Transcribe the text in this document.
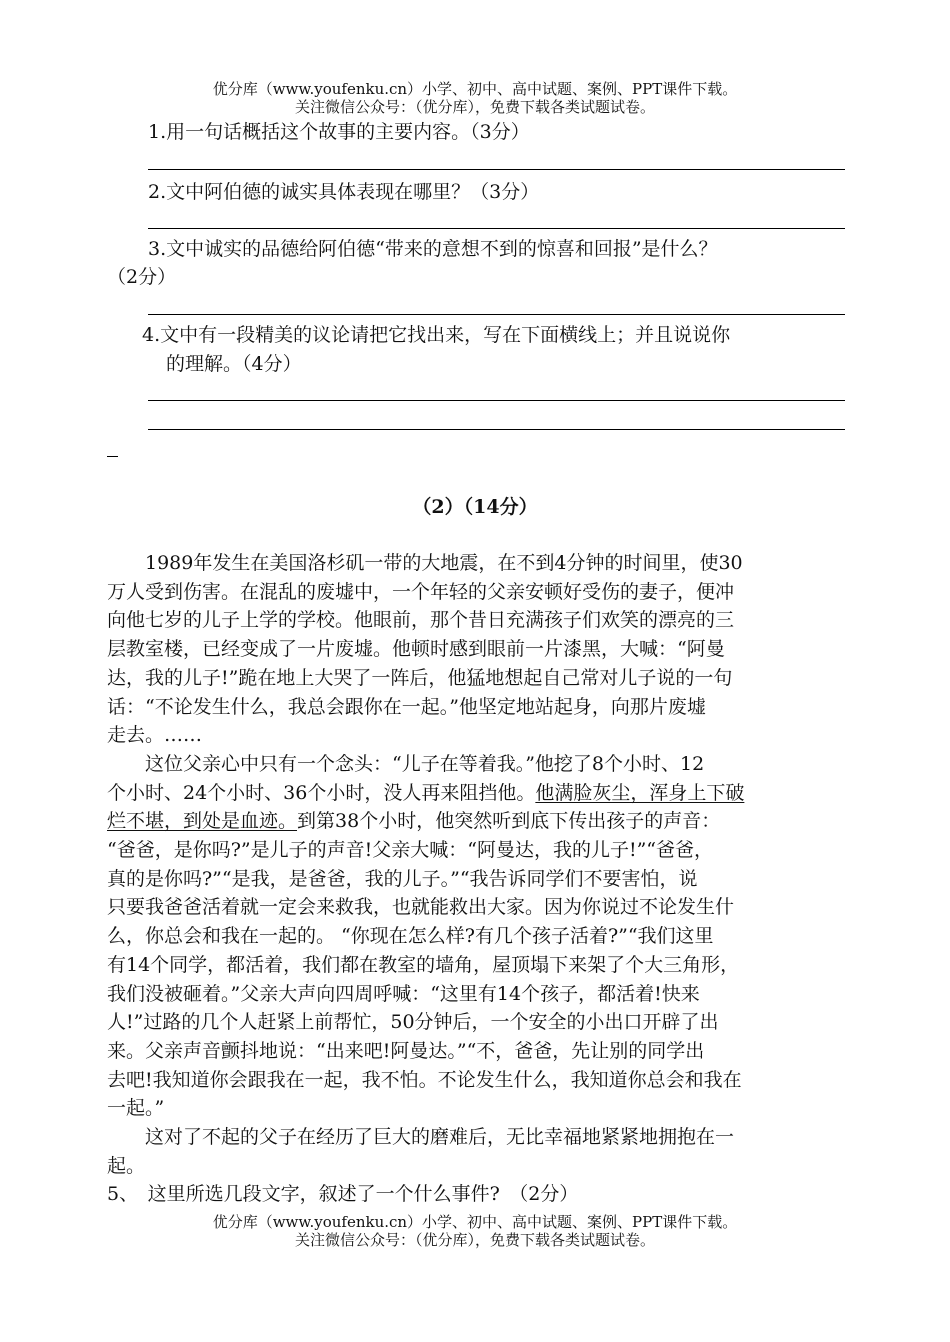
优分库（www.youfenku.cn）小学、初中、高中试题、案例、PPT课件下载。
关注微信公众号：（优分库），免费下载各类试题试卷。
1.用一句话概括这个故事的主要内容。（3分）
2.文中阿伯德的诚实具体表现在哪里？（3分）
3.文中诚实的品德给阿伯德“带来的意想不到的惊喜和回报”是什么？
（2分）
4.文中有一段精美的议论请把它找出来，写在下面横线上；并且说说你
的理解。（4分）
（2）（14分）
　　1989年发生在美国洛杉矶一带的大地震，在不到4分钟的时间里，使30
万人受到伤害。在混乱的废墟中，一个年轻的父亲安顿好受伤的妻子，便冲
向他七岁的儿子上学的学校。他眼前，那个昔日充满孩子们欢笑的漂亮的三
层教室楼，已经变成了一片废墟。他顿时感到眼前一片漆黑，大喊：“阿曼
达，我的儿子!”跪在地上大哭了一阵后，他猛地想起自己常对儿子说的一句
话：“不论发生什么，我总会跟你在一起。”他坚定地站起身，向那片废墟
走去。……
　　这位父亲心中只有一个念头：“儿子在等着我。”他挖了8个小时、12
个小时、24个小时、36个小时，没人再来阻挡他。他满脸灰尘，浑身上下破
烂不堪，到处是血迹。到第38个小时，他突然听到底下传出孩子的声音：
“爸爸，是你吗?”是儿子的声音!父亲大喊：“阿曼达，我的儿子!”“爸爸，
真的是你吗?”“是我，是爸爸，我的儿子。”“我告诉同学们不要害怕，说
只要我爸爸活着就一定会来救我，也就能救出大家。因为你说过不论发生什
么，你总会和我在一起的。 “你现在怎么样?有几个孩子活着?”“我们这里
有14个同学，都活着，我们都在教室的墙角，屋顶塌下来架了个大三角形，
我们没被砸着。”父亲大声向四周呼喊：“这里有14个孩子，都活着!快来
人!”过路的几个人赶紧上前帮忙，50分钟后，一个安全的小出口开辟了出
来。父亲声音颤抖地说：“出来吧!阿曼达。”“不，爸爸，先让别的同学出
去吧!我知道你会跟我在一起，我不怕。不论发生什么，我知道你总会和我在
一起。”
　　这对了不起的父子在经历了巨大的磨难后，无比幸福地紧紧地拥抱在一
起。
5、　这里所选几段文字，叙述了一个什么事件?　（2分）
优分库（www.youfenku.cn）小学、初中、高中试题、案例、PPT课件下载。
关注微信公众号：（优分库），免费下载各类试题试卷。
